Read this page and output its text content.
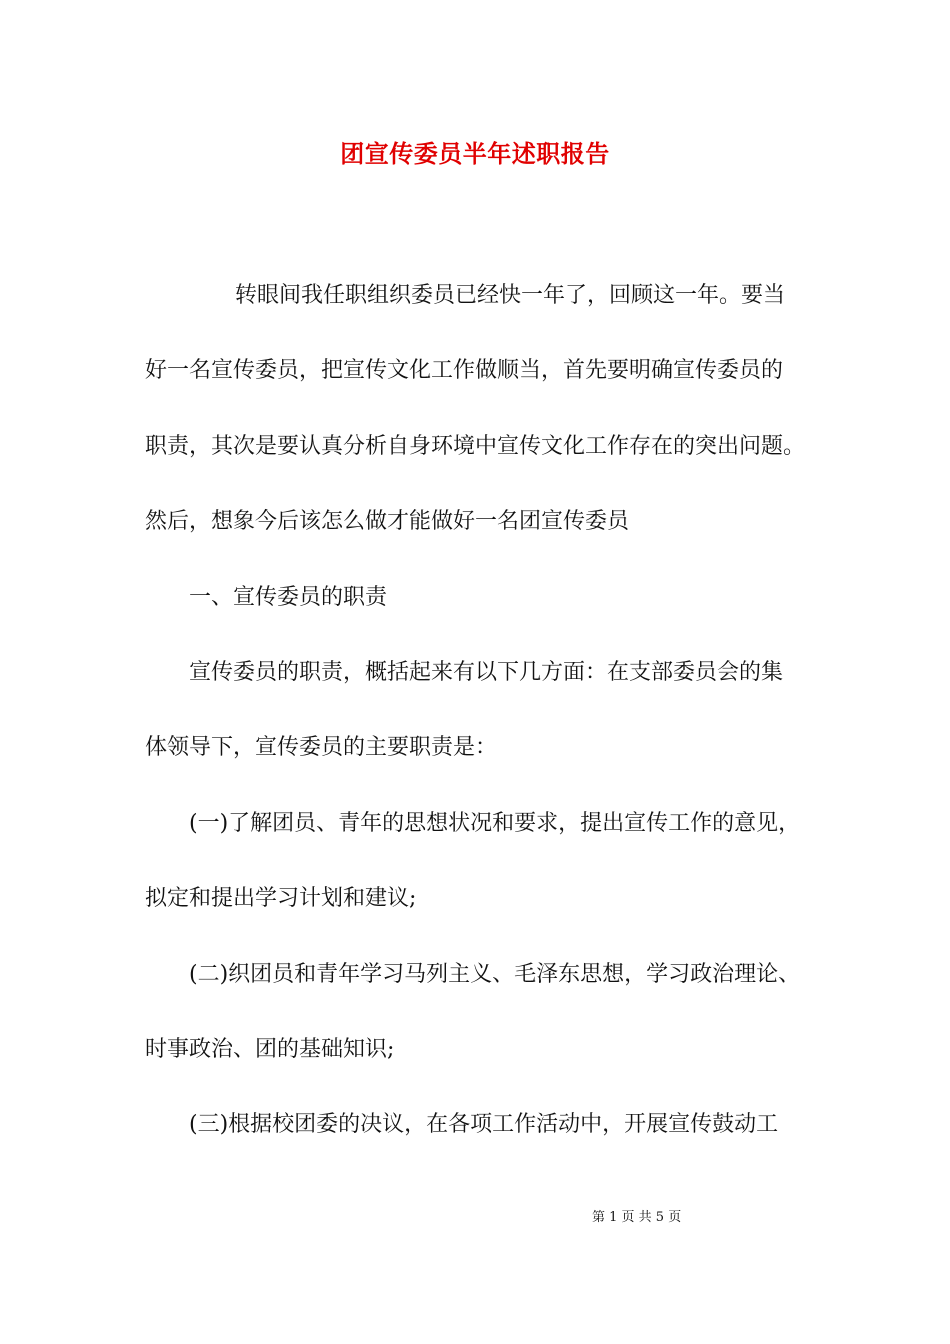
团宣传委员半年述职报告
转眼间我任职组织委员已经快一年了，回顾这一年。要当
好一名宣传委员，把宣传文化工作做顺当，首先要明确宣传委员的
职责，其次是要认真分析自身环境中宣传文化工作存在的突出问题。
然后，想象今后该怎么做才能做好一名团宣传委员
一、宣传委员的职责
宣传委员的职责，概括起来有以下几方面：在支部委员会的集
体领导下，宣传委员的主要职责是：
(一)了解团员、青年的思想状况和要求，提出宣传工作的意见，
拟定和提出学习计划和建议;
(二)织团员和青年学习马列主义、毛泽东思想，学习政治理论、
时事政治、团的基础知识;
(三)根据校团委的决议，在各项工作活动中，开展宣传鼓动工
第 1 页 共 5 页
